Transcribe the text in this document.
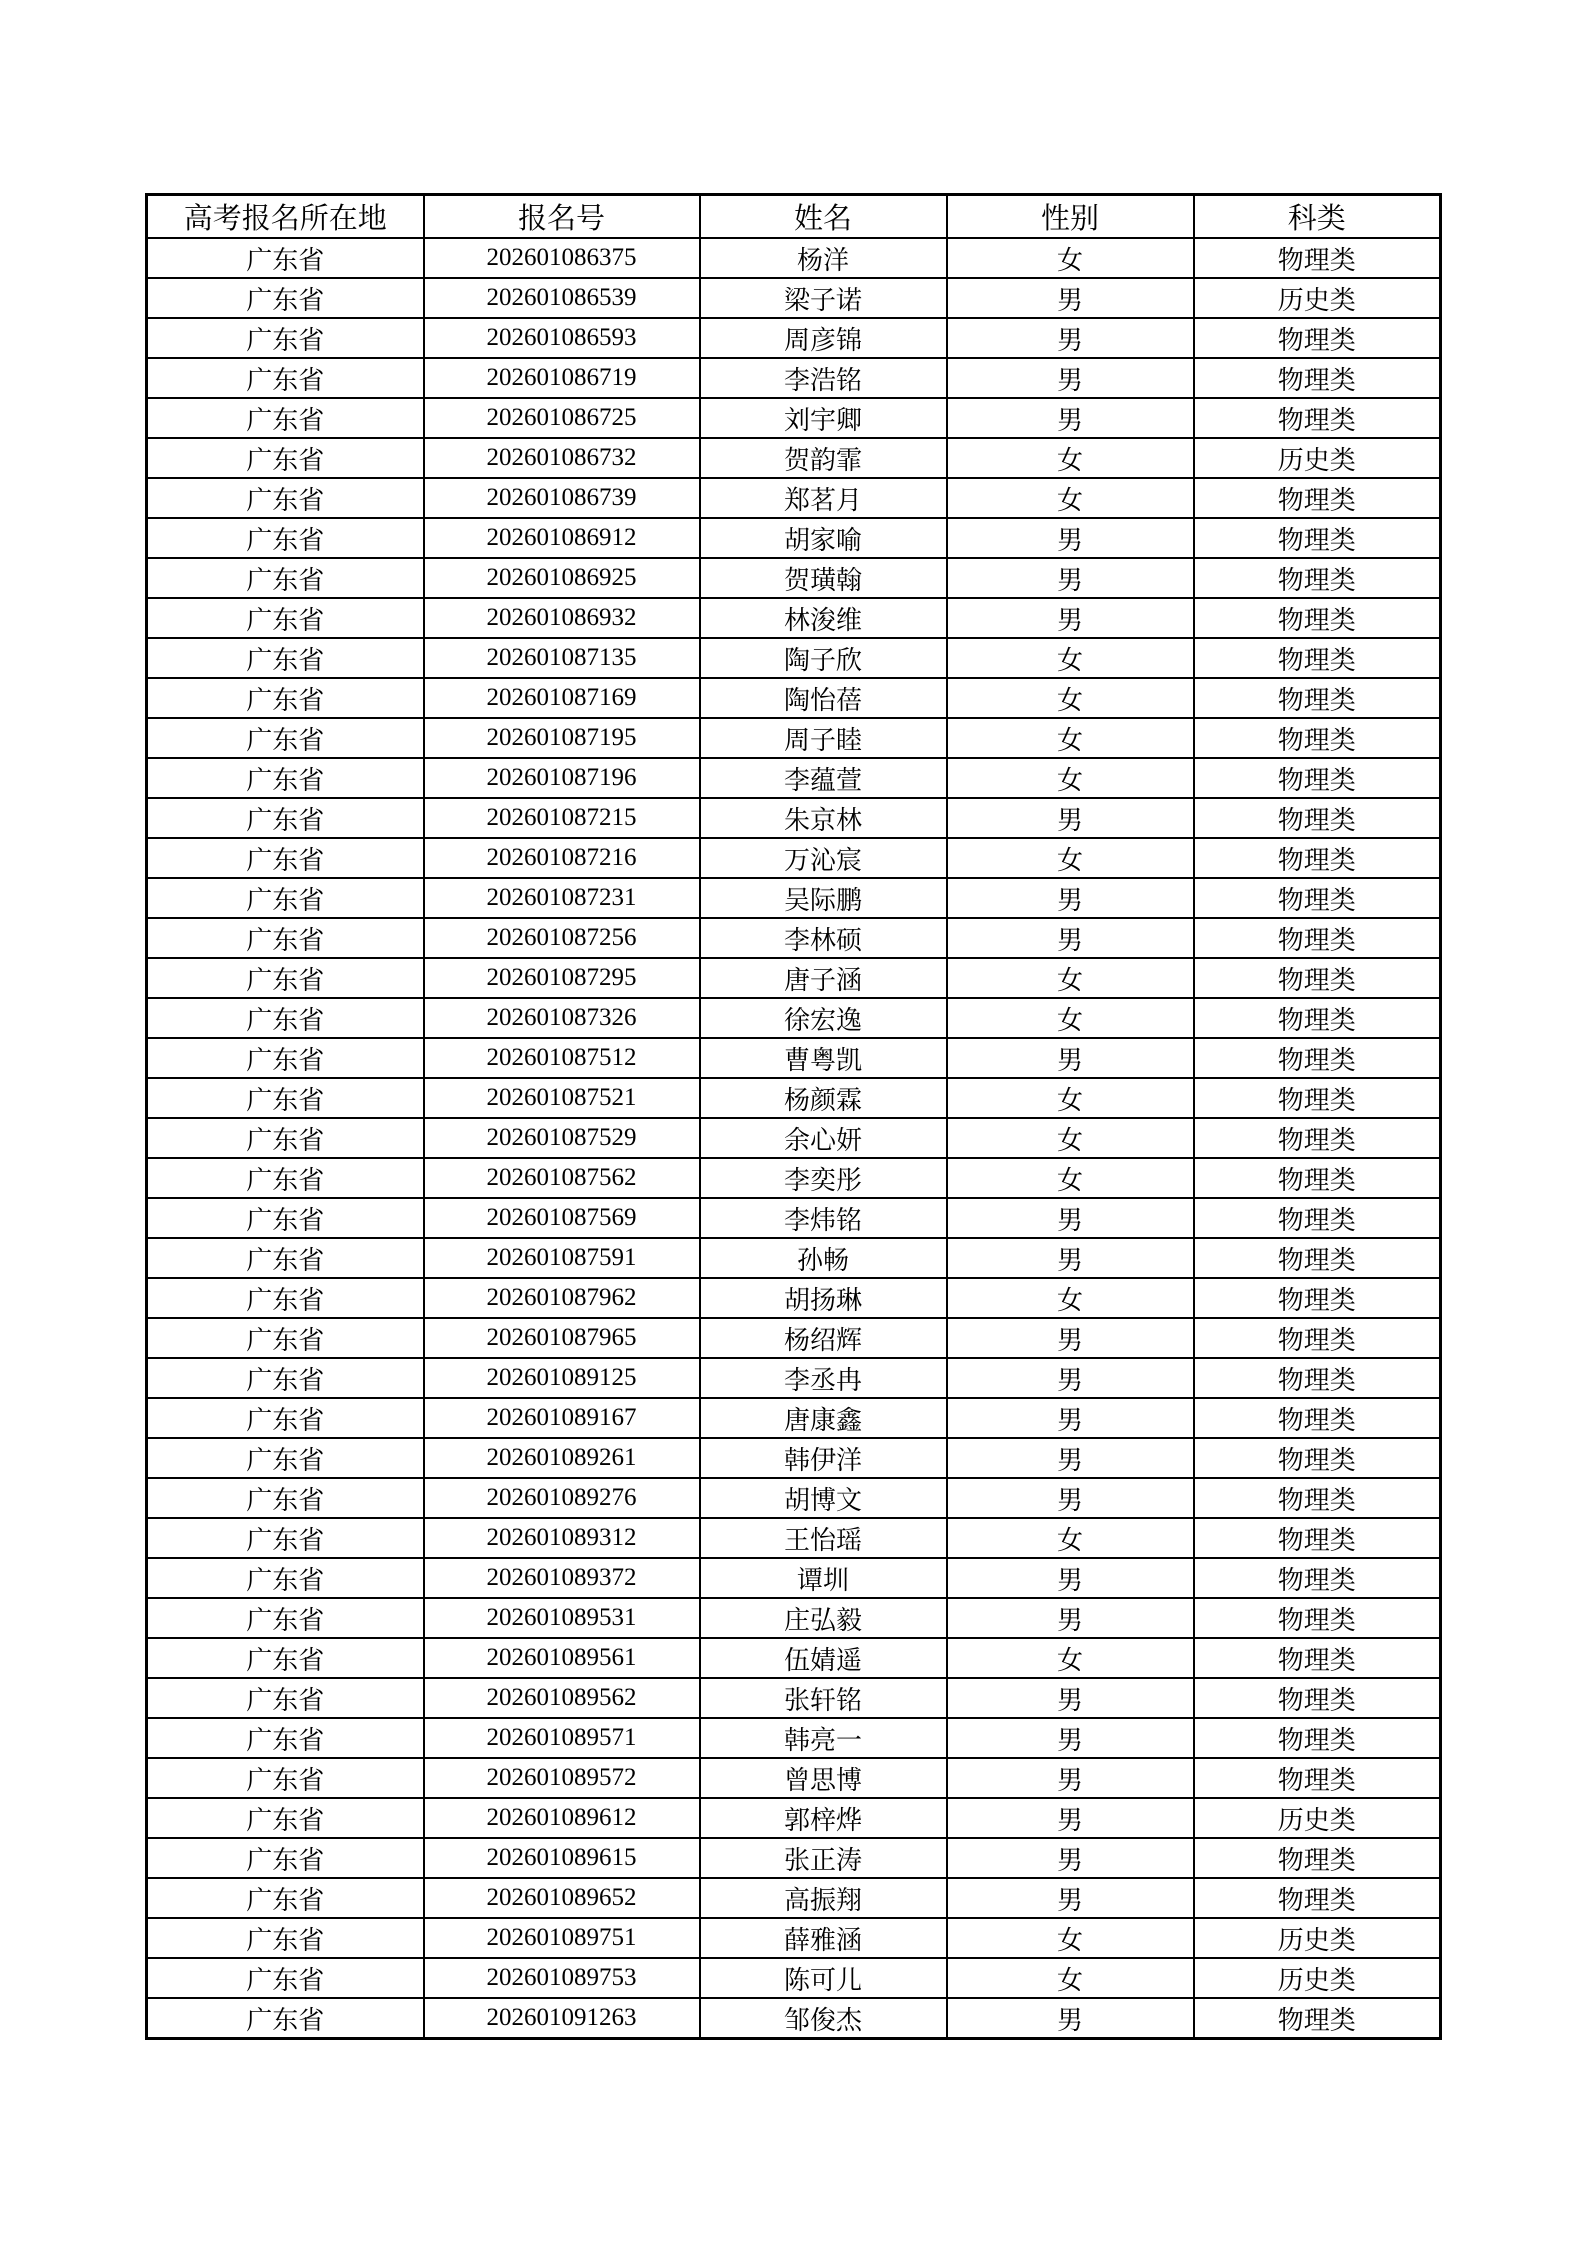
高考报名所在地	报名号	姓名	性别	科类
广东省	202601086375	杨洋	女	物理类
广东省	202601086539	梁子诺	男	历史类
广东省	202601086593	周彦锦	男	物理类
广东省	202601086719	李浩铭	男	物理类
广东省	202601086725	刘宇卿	男	物理类
广东省	202601086732	贺韵霏	女	历史类
广东省	202601086739	郑茗月	女	物理类
广东省	202601086912	胡家喻	男	物理类
广东省	202601086925	贺璜翰	男	物理类
广东省	202601086932	林浚维	男	物理类
广东省	202601087135	陶子欣	女	物理类
广东省	202601087169	陶怡蓓	女	物理类
广东省	202601087195	周子睦	女	物理类
广东省	202601087196	李蕴萱	女	物理类
广东省	202601087215	朱京林	男	物理类
广东省	202601087216	万沁宸	女	物理类
广东省	202601087231	吴际鹏	男	物理类
广东省	202601087256	李林硕	男	物理类
广东省	202601087295	唐子涵	女	物理类
广东省	202601087326	徐宏逸	女	物理类
广东省	202601087512	曹粤凯	男	物理类
广东省	202601087521	杨颜霖	女	物理类
广东省	202601087529	余心妍	女	物理类
广东省	202601087562	李奕彤	女	物理类
广东省	202601087569	李炜铭	男	物理类
广东省	202601087591	孙畅	男	物理类
广东省	202601087962	胡扬琳	女	物理类
广东省	202601087965	杨绍辉	男	物理类
广东省	202601089125	李丞冉	男	物理类
广东省	202601089167	唐康鑫	男	物理类
广东省	202601089261	韩伊洋	男	物理类
广东省	202601089276	胡博文	男	物理类
广东省	202601089312	王怡瑶	女	物理类
广东省	202601089372	谭圳	男	物理类
广东省	202601089531	庄弘毅	男	物理类
广东省	202601089561	伍婧遥	女	物理类
广东省	202601089562	张轩铭	男	物理类
广东省	202601089571	韩亮一	男	物理类
广东省	202601089572	曾思博	男	物理类
广东省	202601089612	郭梓烨	男	历史类
广东省	202601089615	张正涛	男	物理类
广东省	202601089652	高振翔	男	物理类
广东省	202601089751	薛雅涵	女	历史类
广东省	202601089753	陈可儿	女	历史类
广东省	202601091263	邹俊杰	男	物理类
